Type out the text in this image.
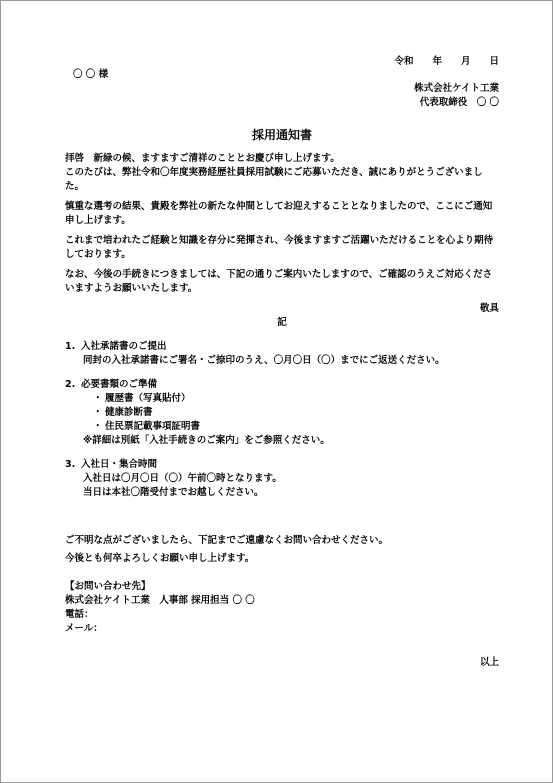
令和　　年　　月　　日
〇 〇 様
株式会社ケイト工業
代表取締役　〇 〇
採用通知書
拝啓　新緑の候、ますますご清祥のこととお慶び申し上げます。
このたびは、弊社令和〇年度実務経歴社員採用試験にご応募いただき、誠にありがとうございました。
慎重な選考の結果、貴殿を弊社の新たな仲間としてお迎えすることとなりましたので、ここにご通知申し上げます。
これまで培われたご経験と知識を存分に発揮され、今後ますますご活躍いただけることを心より期待しております。
なお、今後の手続きにつきましては、下記の通りご案内いたしますので、ご確認のうえご対応くださいますようお願いいたします。
敬具
記
1. 入社承諾書のご提出
同封の入社承諾書にご署名・ご捺印のうえ、〇月〇日（〇）までにご返送ください。
2. 必要書類のご準備
・ 履歴書（写真貼付）
・ 健康診断書
・ 住民票記載事項証明書
※詳細は別紙「入社手続きのご案内」をご参照ください。
3. 入社日・集合時間
入社日は〇月〇日（〇）午前〇時となります。
当日は本社〇階受付までお越しください。
ご不明な点がございましたら、下記までご遠慮なくお問い合わせください。
今後とも何卒よろしくお願い申し上げます。
【お問い合わせ先】
株式会社ケイト工業　人事部 採用担当 〇 〇
電話：
メール：
以上
